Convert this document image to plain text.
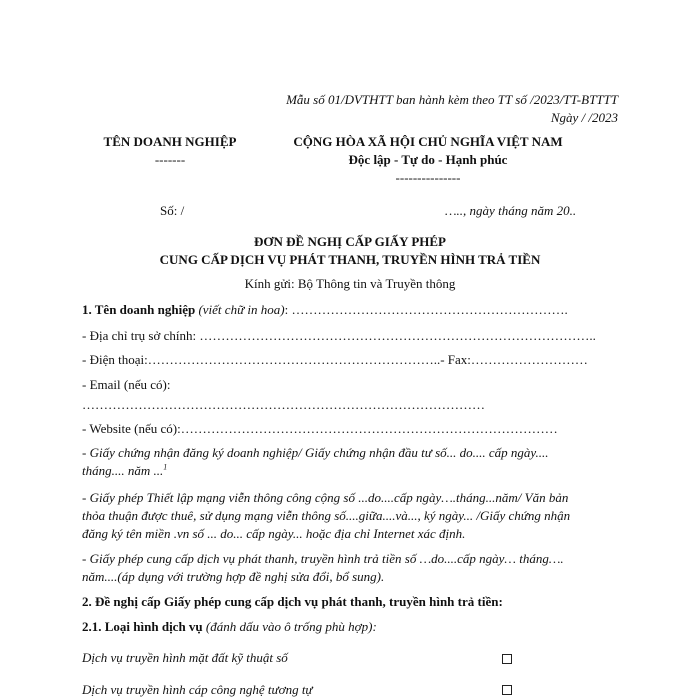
Mẫu số 01/DVTHTT ban hành kèm theo TT số /2023/TT-BTTTT
Ngày / /2023
TÊN DOANH NGHIỆP
-------
CỘNG HÒA XÃ HỘI CHỦ NGHĨA VIỆT NAM
Độc lập - Tự do - Hạnh phúc
---------------
Số: /	….., ngày tháng năm 20..
ĐƠN ĐỀ NGHỊ CẤP GIẤY PHÉP
CUNG CẤP DỊCH VỤ PHÁT THANH, TRUYỀN HÌNH TRẢ TIỀN
Kính gửi: Bộ Thông tin và Truyền thông
1. Tên doanh nghiệp (viết chữ in hoa): ……………………………………………………….
- Địa chỉ trụ sở chính: ………………………………………………………………………………..
- Điện thoại:…………………………………………………………..- Fax:………………………
- Email (nếu có):
…………………………………………………………………………………
- Website (nếu có):……………………………………………………………………………
- Giấy chứng nhận đăng ký doanh nghiệp/ Giấy chứng nhận đầu tư số... do.... cấp ngày....
tháng.... năm ...$^1$
- Giấy phép Thiết lập mạng viễn thông công cộng số ...do....cấp ngày….tháng...năm/ Văn bản
thỏa thuận được thuê, sử dụng mạng viễn thông số....giữa....và..., ký ngày... /Giấy chứng nhận
đăng ký tên miền .vn số ... do... cấp ngày... hoặc địa chỉ Internet xác định.
- Giấy phép cung cấp dịch vụ phát thanh, truyền hình trả tiền số …do....cấp ngày… tháng….
năm....(áp dụng với trường hợp đề nghị sửa đổi, bổ sung).
2. Đề nghị cấp Giấy phép cung cấp dịch vụ phát thanh, truyền hình trả tiền:
2.1. Loại hình dịch vụ (đánh dấu vào ô trống phù hợp):
Dịch vụ truyền hình mặt đất kỹ thuật số
Dịch vụ truyền hình cáp công nghệ tương tự
